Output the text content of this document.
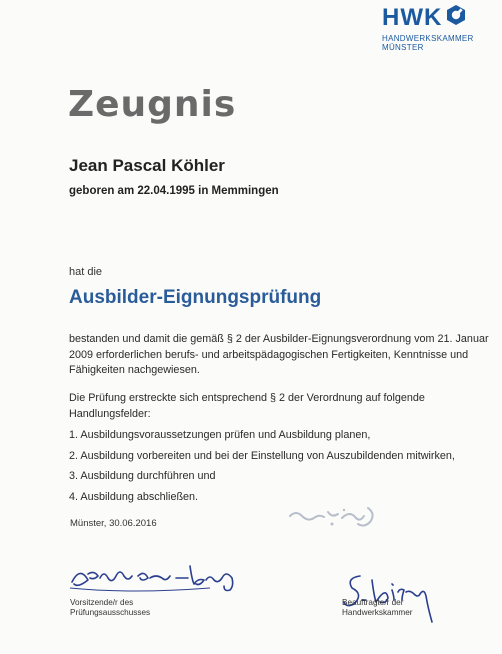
HWK
HANDWERKSKAMMER
MÜNSTER
Zeugnis
Jean Pascal Köhler
geboren am 22.04.1995 in Memmingen
hat die
Ausbilder-Eignungsprüfung
bestanden und damit die gemäß § 2 der Ausbilder-Eignungsverordnung vom 21. Januar 2009 erforderlichen berufs- und arbeitspädagogischen Fertigkeiten, Kenntnisse und Fähigkeiten nachgewiesen.
Die Prüfung erstreckte sich entsprechend § 2 der Verordnung auf folgende Handlungsfelder:
1. Ausbildungsvoraussetzungen prüfen und Ausbildung planen,
2. Ausbildung vorbereiten und bei der Einstellung von Auszubildenden mitwirken,
3. Ausbildung durchführen und
4. Ausbildung abschließen.
Münster, 30.06.2016
Vorsitzende/r des
Prüfungsausschusses
Beauftragte/r der
Handwerkskammer
